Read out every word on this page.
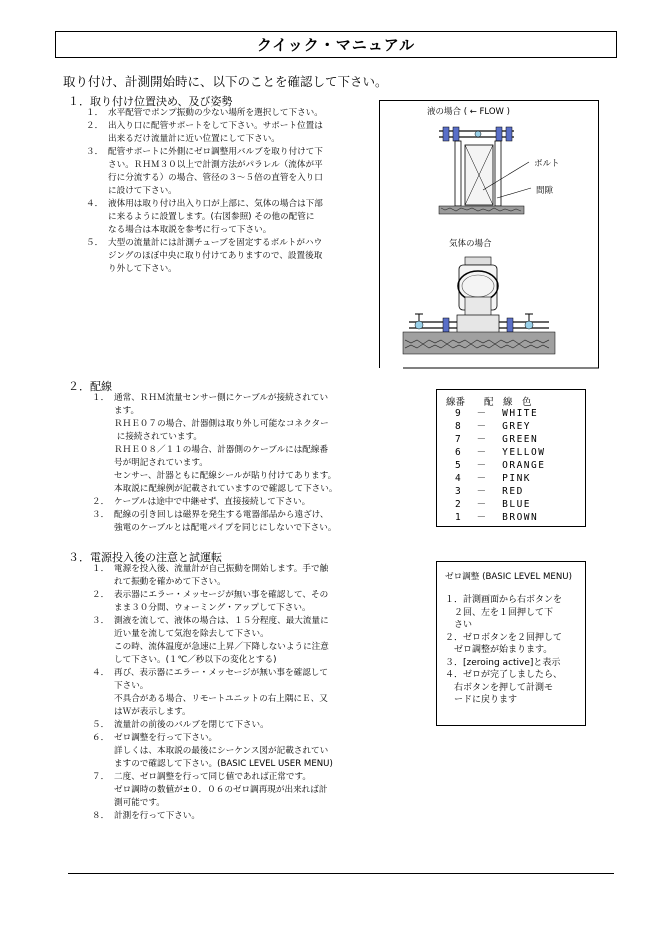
クイック・マニュアル
取り付け、計測開始時に、以下のことを確認して下さい。
１．取り付け位置決め、及び姿勢
１． 水平配管でポンプ振動の少ない場所を選択して下さい。
２． 出入り口に配管サポートをして下さい。サポート位置は
出来るだけ流量計に近い位置にして下さい。
３． 配管サポートに外側にゼロ調整用バルブを取り付けて下
さい。ＲＨＭ３０以上で計測方法がパラレル（流体が平
行に分流する）の場合、管径の３～５倍の直管を入り口
に設けて下さい。
４． 液体用は取り付け出入り口が上部に、気体の場合は下部
に来るように設置します。(右図参照) その他の配管に
なる場合は本取説を参考に行って下さい。
５． 大型の流量計には計測チューブを固定するボルトがハウ
ジングのほぼ中央に取り付けてありますので、設置後取
り外して下さい。
２．配線
１． 通常、ＲＨＭ流量センサー側にケーブルが接続されてい
ます。
ＲＨＥ０７の場合、計器側は取り外し可能なコネクター
に接続されています。
ＲＨＥ０８／１１の場合、計器側のケーブルには配線番
号が明記されています。
センサー、計器ともに配線シールが貼り付けてあります。
本取説に配線例が記載されていますので確認して下さい。
２． ケーブルは途中で中継せず、直接接続して下さい。
３． 配線の引き回しは磁界を発生する電器部品から遠ざけ、
強電のケーブルとは配電パイプを同じにしないで下さい。
３．電源投入後の注意と試運転
１． 電源を投入後、流量計が自己振動を開始します。手で触
れて振動を確かめて下さい。
２． 表示器にエラー・メッセージが無い事を確認して、その
まま３０分間、ウォーミング・アップして下さい。
３． 測液を流して、液体の場合は、１５分程度、最大流量に
近い量を流して気泡を除去して下さい。
この時、流体温度が急速に上昇／下降しないように注意
して下さい。(１℃／秒以下の変化とする)
４． 再び、表示器にエラー・メッセージが無い事を確認して
下さい。
不具合がある場合、リモートユニットの右上隅にＥ、又
はＷが表示します。
５． 流量計の前後のバルブを閉じて下さい。
６． ゼロ調整を行って下さい。
詳しくは、本取説の最後にシーケンス図が記載されてい
ますので確認して下さい。(BASIC LEVEL USER MENU)
７． 二度、ゼロ調整を行って同じ値であれば正常です。
ゼロ調時の数値が±０．０６のゼロ調再現が出来れば計
測可能です。
８． 計測を行って下さい。
液の場合 ( ← FLOW )
ボルト
間隙
気体の場合
線番　　配　線　色
9  －  WHITE
8  －  GREY
7  －  GREEN
6  －  YELLOW
5  －  ORANGE
4  －  PINK
3  －  RED
2  －  BLUE
1  －  BROWN
ゼロ調整 (BASIC LEVEL MENU)
１．計測画面から右ボタンを
　２回、左を１回押して下
　さい
２．ゼロボタンを２回押して
　ゼロ調整が始まります。
３．[zeroing active]と表示
４．ゼロが完了しましたら、
　右ボタンを押して計測モ
　ードに戻ります
